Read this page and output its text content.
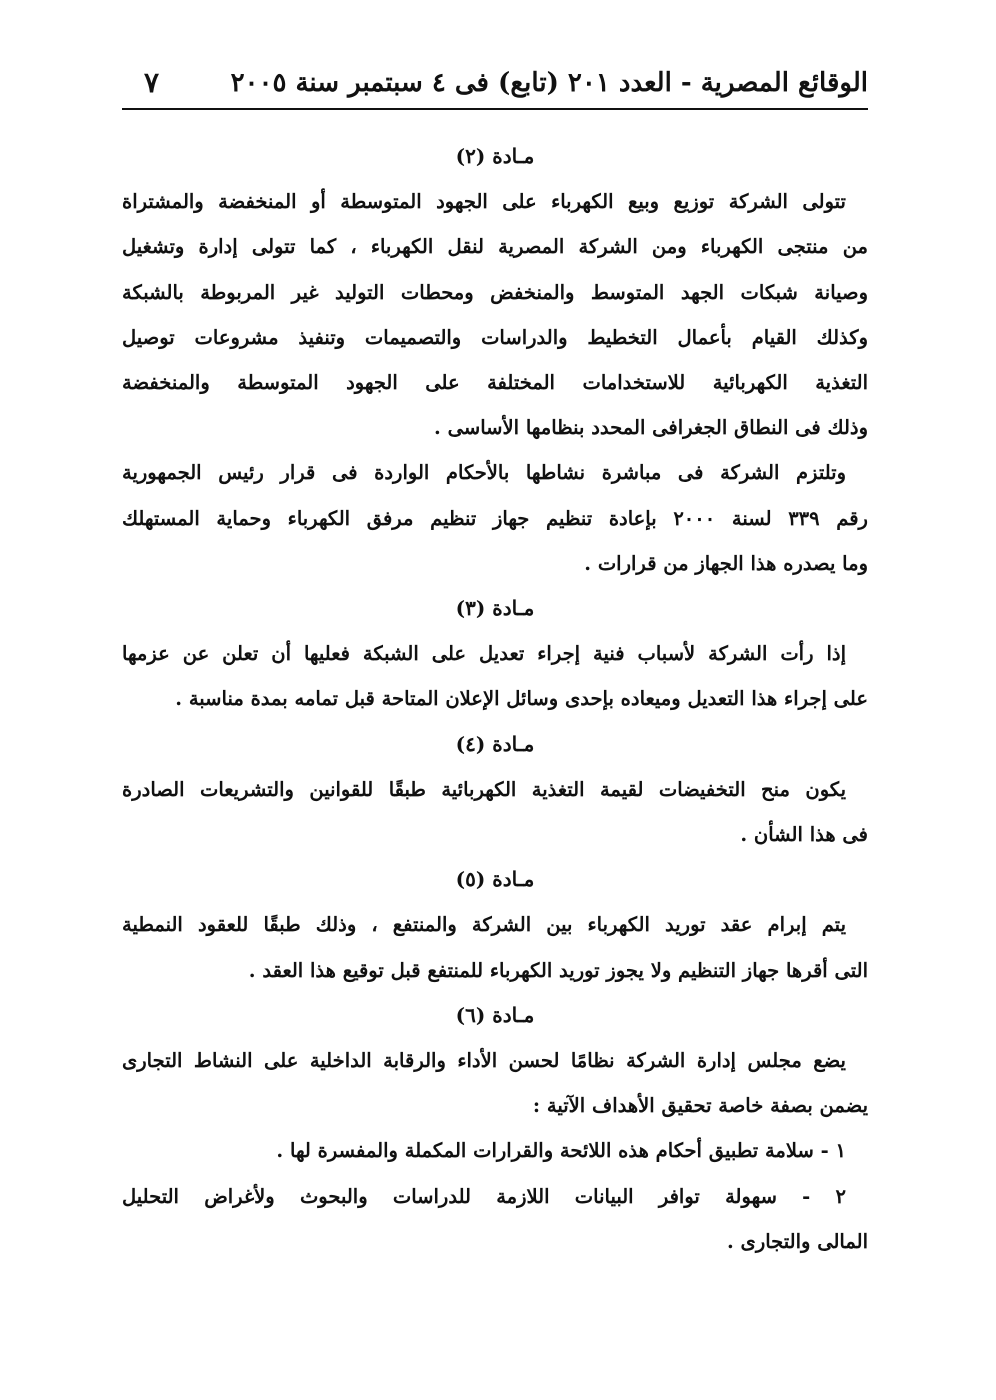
الوقائع المصرية - العدد ٢٠١ (تابع) فى ٤ سبتمبر سنة ٢٠٠٥
٧
مـادة (٢)
تتولى الشركة توزيع وبيع الكهرباء على الجهود المتوسطة أو المنخفضة والمشتراة
من منتجى الكهرباء ومن الشركة المصرية لنقل الكهرباء ، كما تتولى إدارة وتشغيل
وصيانة شبكات الجهد المتوسط والمنخفض ومحطات التوليد غير المربوطة بالشبكة
وكذلك القيام بأعمال التخطيط والدراسات والتصميمات وتنفيذ مشروعات توصيل
التغذية الكهربائية للاستخدامات المختلفة على الجهود المتوسطة والمنخفضة
وذلك فى النطاق الجغرافى المحدد بنظامها الأساسى .
وتلتزم الشركة فى مباشرة نشاطها بالأحكام الواردة فى قرار رئيس الجمهورية
رقم ٣٣٩ لسنة ٢٠٠٠ بإعادة تنظيم جهاز تنظيم مرفق الكهرباء وحماية المستهلك
وما يصدره هذا الجهاز من قرارات .
مـادة (٣)
إذا رأت الشركة لأسباب فنية إجراء تعديل على الشبكة فعليها أن تعلن عن عزمها
على إجراء هذا التعديل وميعاده بإحدى وسائل الإعلان المتاحة قبل تمامه بمدة مناسبة .
مـادة (٤)
يكون منح التخفيضات لقيمة التغذية الكهربائية طبقًا للقوانين والتشريعات الصادرة
فى هذا الشأن .
مـادة (٥)
يتم إبرام عقد توريد الكهرباء بين الشركة والمنتفع ، وذلك طبقًا للعقود النمطية
التى أقرها جهاز التنظيم ولا يجوز توريد الكهرباء للمنتفع قبل توقيع هذا العقد .
مـادة (٦)
يضع مجلس إدارة الشركة نظامًا لحسن الأداء والرقابة الداخلية على النشاط التجارى
يضمن بصفة خاصة تحقيق الأهداف الآتية :
١ - سلامة تطبيق أحكام هذه اللائحة والقرارات المكملة والمفسرة لها .
٢ - سهولة توافر البيانات اللازمة للدراسات والبحوث ولأغراض التحليل
المالى والتجارى .
